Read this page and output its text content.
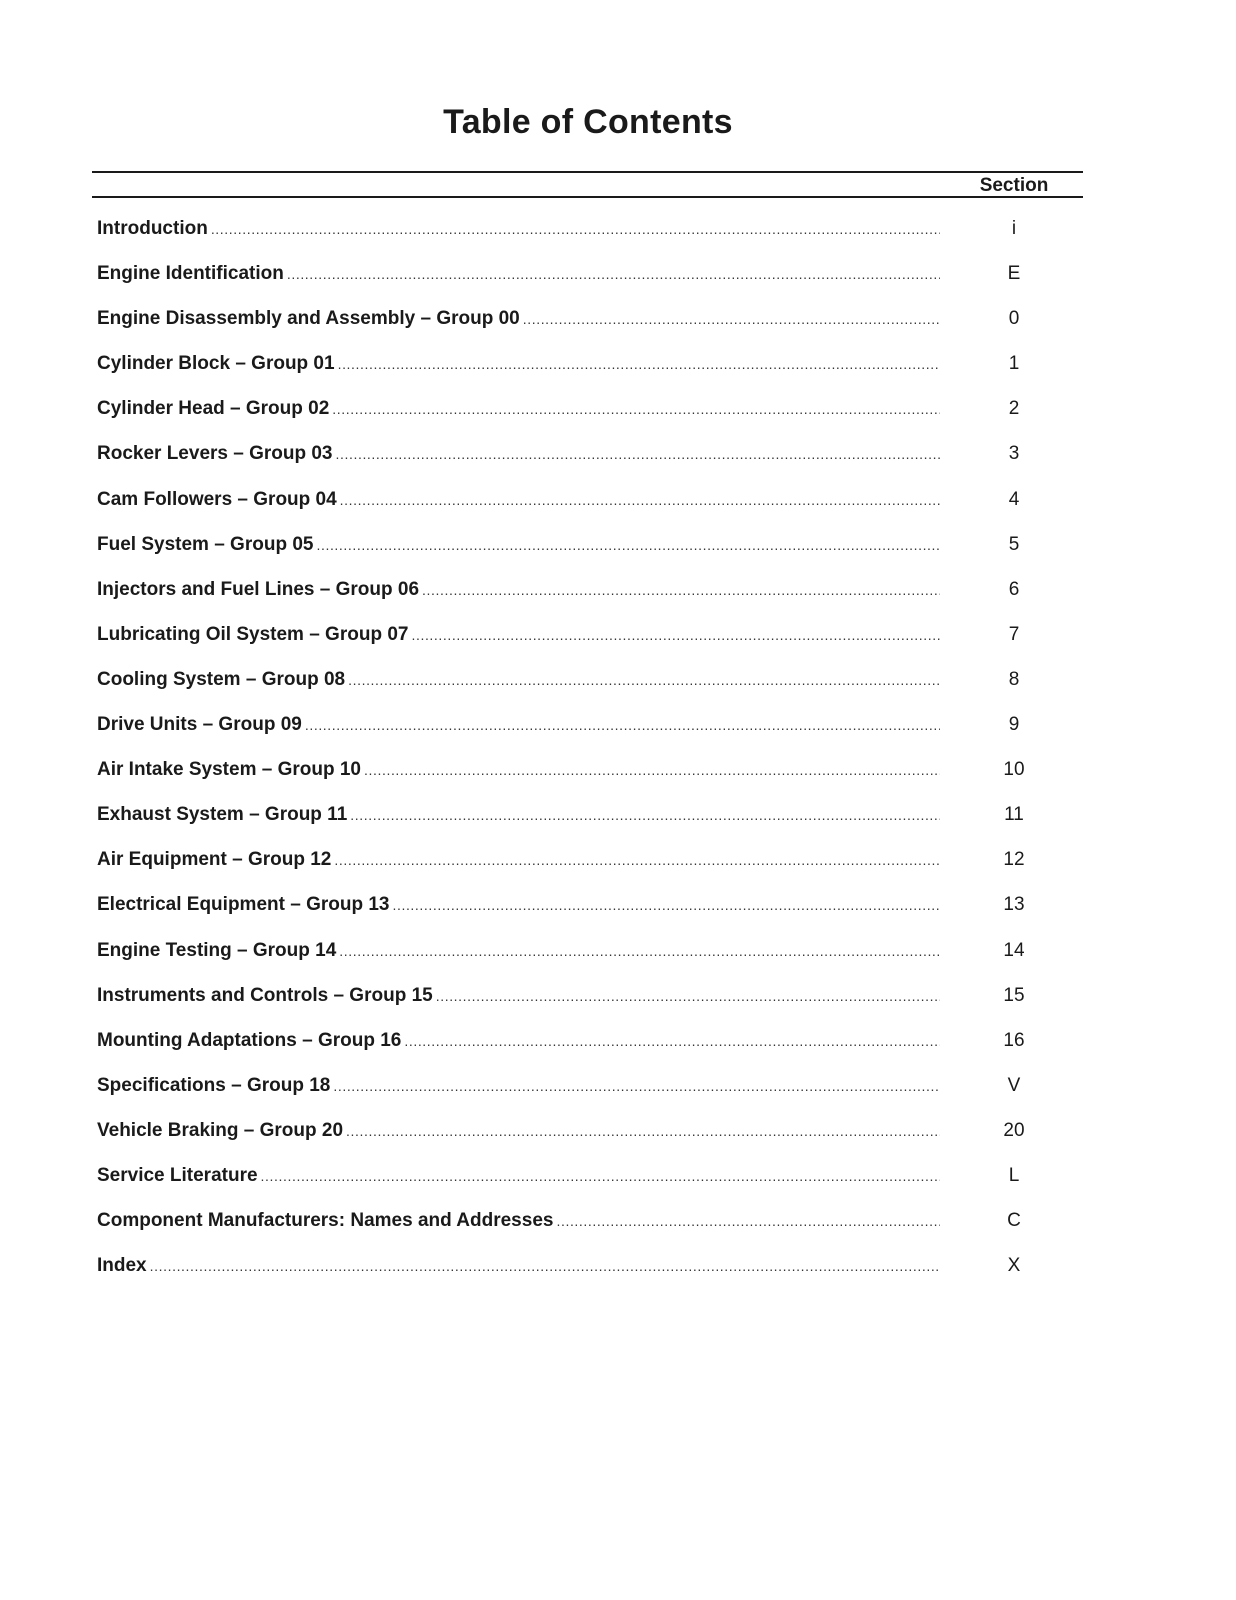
Table of Contents
Section
Introduction .....	i
Engine Identification .....	E
Engine Disassembly and Assembly – Group 00 .....	0
Cylinder Block – Group 01 .....	1
Cylinder Head – Group 02 .....	2
Rocker Levers – Group 03 .....	3
Cam Followers – Group 04 .....	4
Fuel System – Group 05 .....	5
Injectors and Fuel Lines – Group 06 .....	6
Lubricating Oil System – Group 07 .....	7
Cooling System – Group 08 .....	8
Drive Units – Group 09 .....	9
Air Intake System – Group 10 .....	10
Exhaust System – Group 11 .....	11
Air Equipment – Group 12 .....	12
Electrical Equipment – Group 13 .....	13
Engine Testing – Group 14 .....	14
Instruments and Controls – Group 15 .....	15
Mounting Adaptations – Group 16 .....	16
Specifications – Group 18 .....	V
Vehicle Braking – Group 20 .....	20
Service Literature .....	L
Component Manufacturers: Names and Addresses .....	C
Index .....	X
